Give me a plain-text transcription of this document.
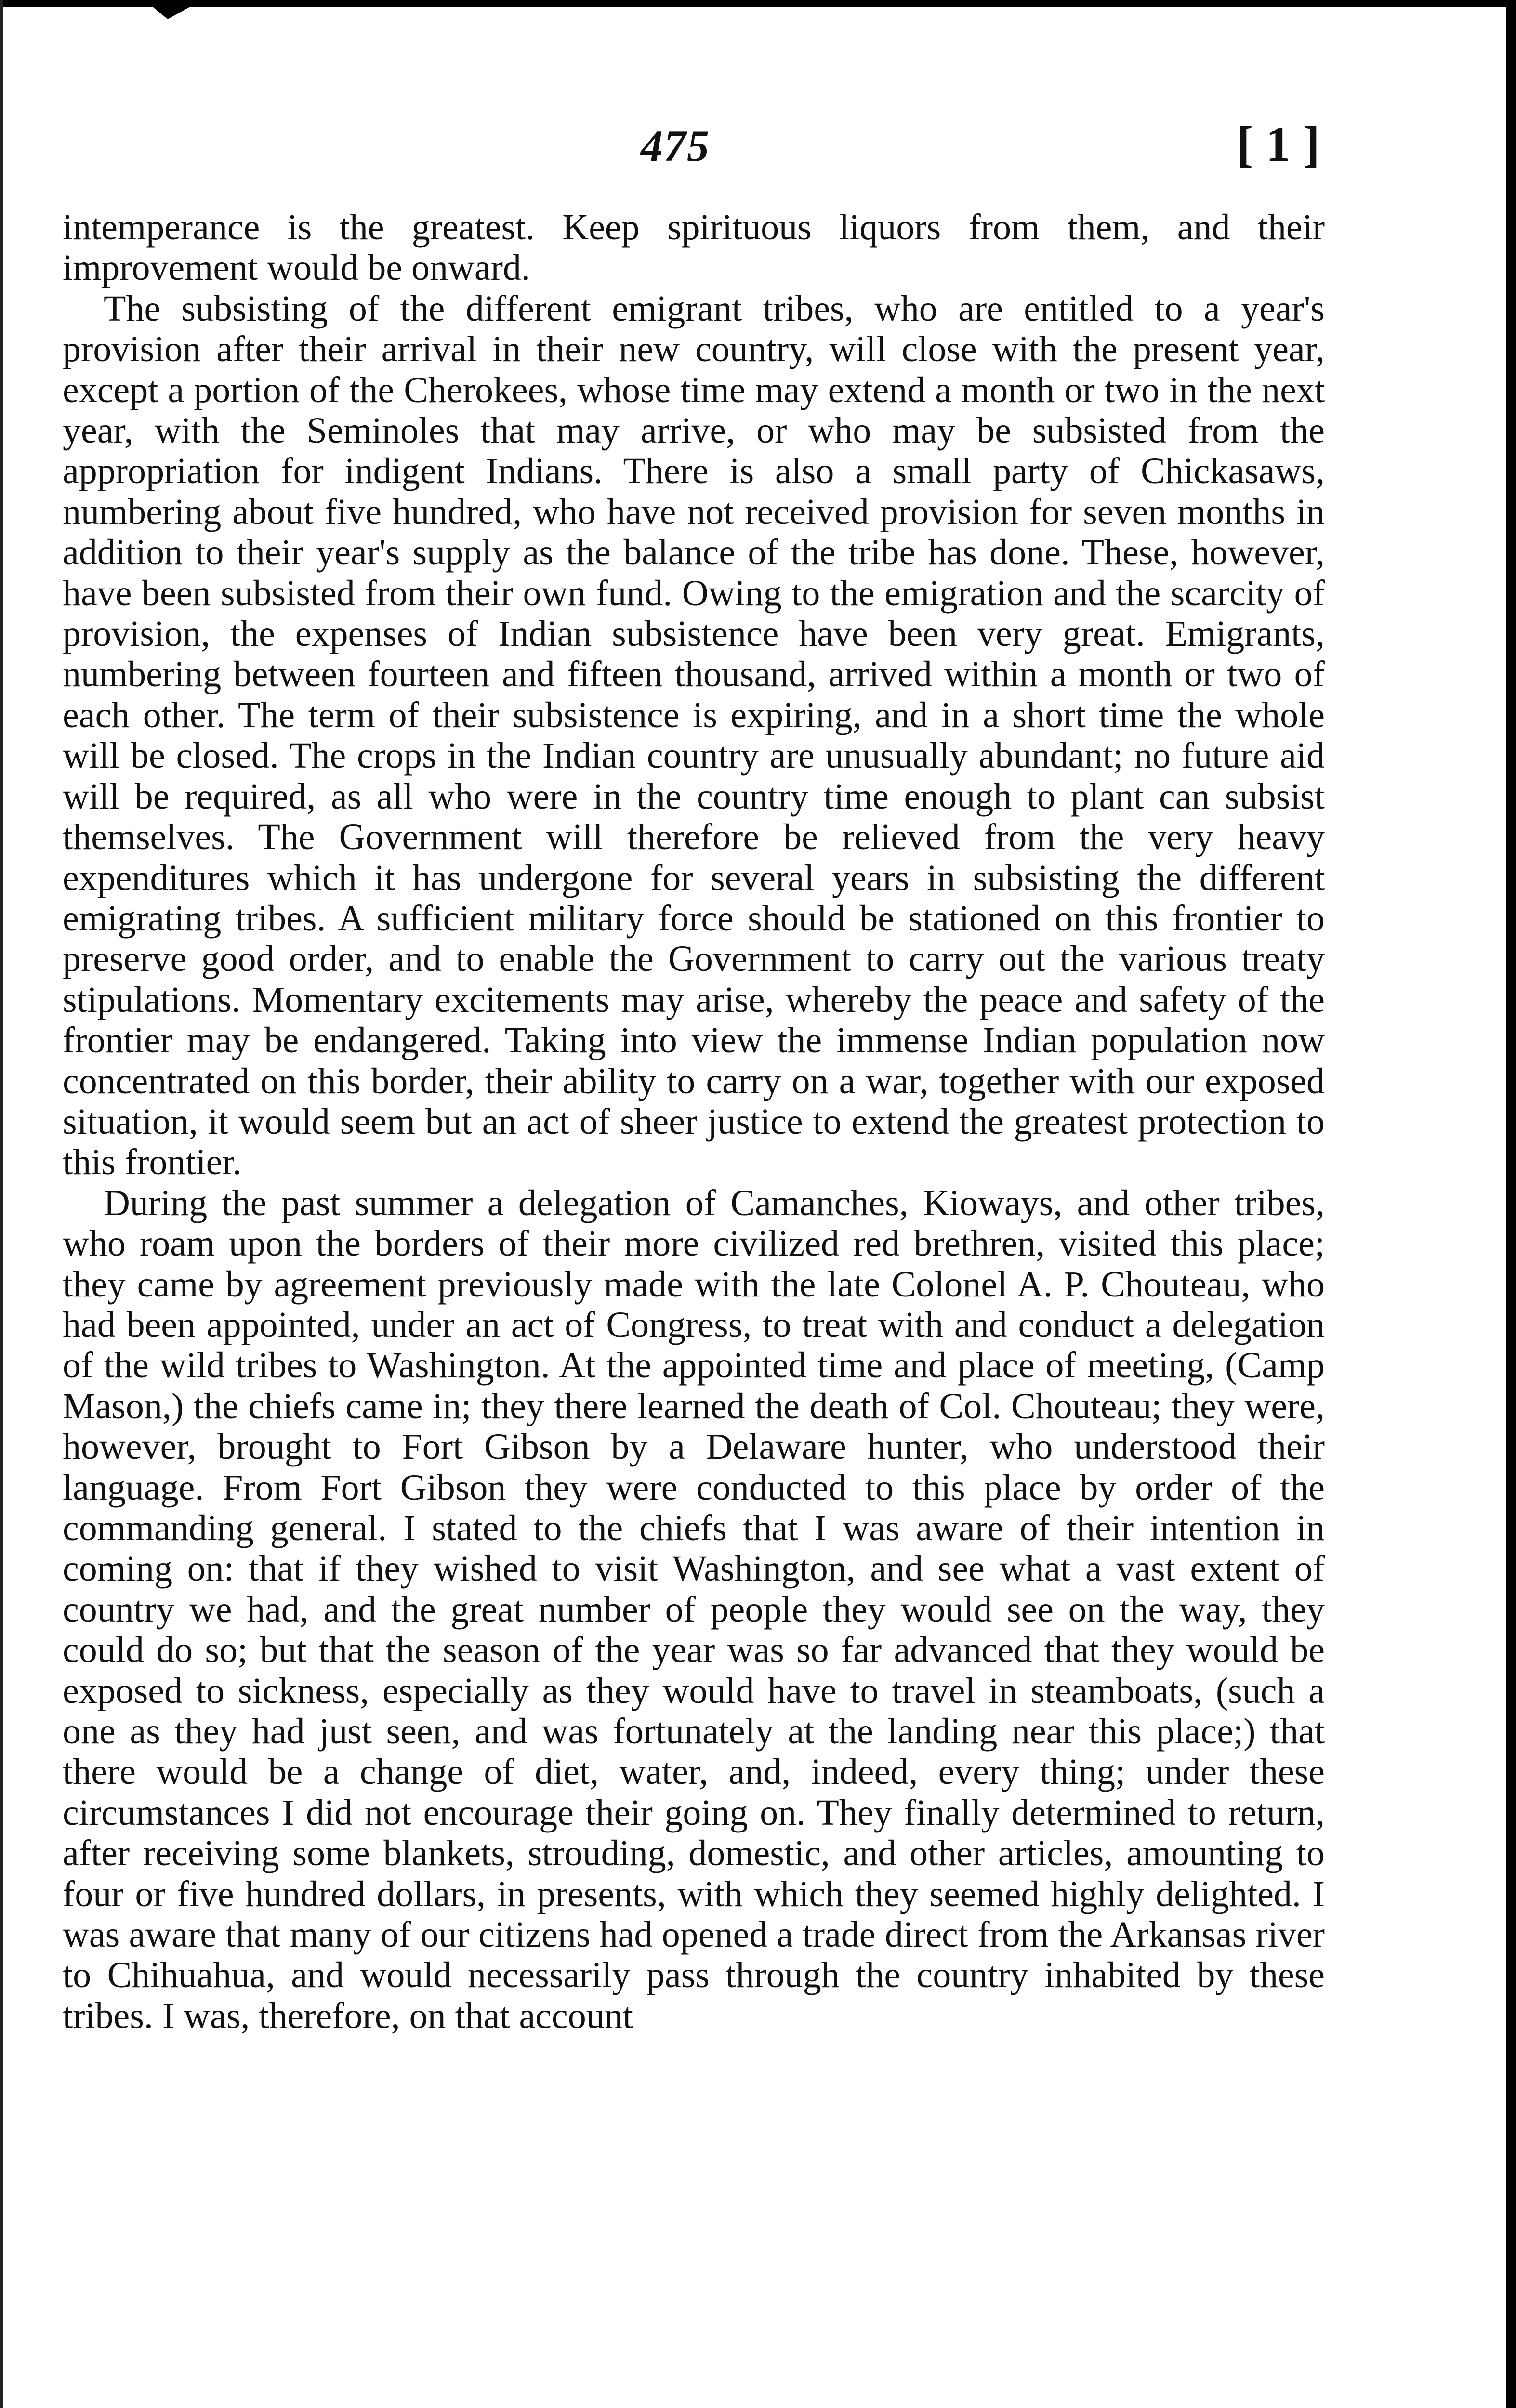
475	[ 1 ]

intemperance is the greatest. Keep spirituous liquors from them, and their improvement would be onward.

The subsisting of the different emigrant tribes, who are entitled to a year's provision after their arrival in their new country, will close with the present year, except a portion of the Cherokees, whose time may extend a month or two in the next year, with the Seminoles that may arrive, or who may be subsisted from the appropriation for indigent Indians. There is also a small party of Chickasaws, numbering about five hundred, who have not received provision for seven months in addition to their year's supply as the balance of the tribe has done. These, however, have been subsisted from their own fund. Owing to the emigration and the scarcity of provision, the expenses of Indian subsistence have been very great. Emigrants, numbering between fourteen and fifteen thousand, arrived within a month or two of each other. The term of their subsistence is expiring, and in a short time the whole will be closed. The crops in the Indian country are unusually abundant; no future aid will be required, as all who were in the country time enough to plant can subsist themselves. The Government will therefore be relieved from the very heavy expenditures which it has undergone for several years in subsisting the different emigrating tribes. A sufficient military force should be stationed on this frontier to preserve good order, and to enable the Government to carry out the various treaty stipulations. Momentary excitements may arise, whereby the peace and safety of the frontier may be endangered. Taking into view the immense Indian population now concentrated on this border, their ability to carry on a war, together with our exposed situation, it would seem but an act of sheer justice to extend the greatest protection to this frontier.

During the past summer a delegation of Camanches, Kioways, and other tribes, who roam upon the borders of their more civilized red brethren, visited this place; they came by agreement previously made with the late Colonel A. P. Chouteau, who had been appointed, under an act of Congress, to treat with and conduct a delegation of the wild tribes to Washington. At the appointed time and place of meeting, (Camp Mason,) the chiefs came in; they there learned the death of Col. Chouteau; they were, however, brought to Fort Gibson by a Delaware hunter, who understood their language. From Fort Gibson they were conducted to this place by order of the commanding general. I stated to the chiefs that I was aware of their intention in coming on: that if they wished to visit Washington, and see what a vast extent of country we had, and the great number of people they would see on the way, they could do so; but that the season of the year was so far advanced that they would be exposed to sickness, especially as they would have to travel in steamboats, (such a one as they had just seen, and was fortunately at the landing near this place;) that there would be a change of diet, water, and, indeed, every thing; under these circumstances I did not encourage their going on. They finally determined to return, after receiving some blankets, strouding, domestic, and other articles, amounting to four or five hundred dollars, in presents, with which they seemed highly delighted. I was aware that many of our citizens had opened a trade direct from the Arkansas river to Chihuahua, and would necessarily pass through the country inhabited by these tribes. I was, therefore, on that account
